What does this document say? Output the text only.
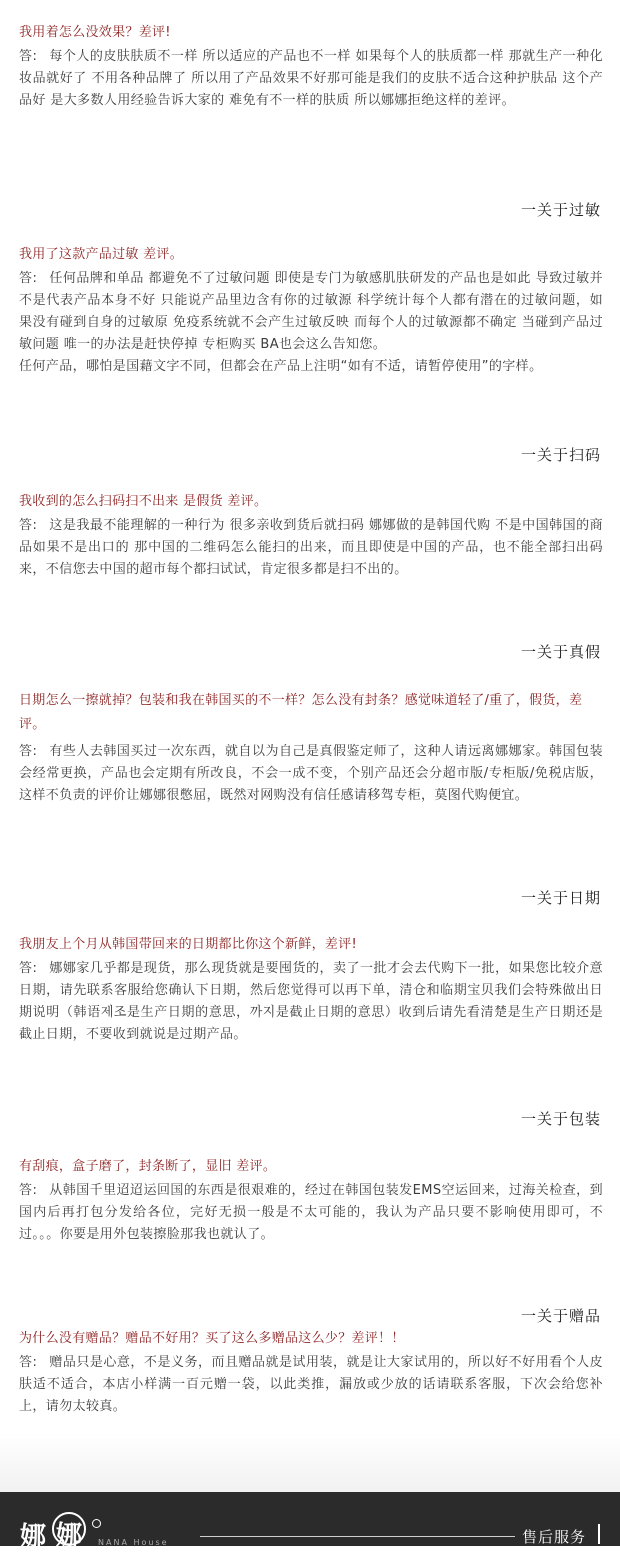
我用着怎么没效果？差评!

答: 每个人的皮肤肤质不一样 所以适应的产品也不一样 如果每个人的肤质都一样 那就生产一种化妆品就好了 不用各种品牌了 所以用了产品效果不好那可能是我们的皮肤不适合这种护肤品 这个产品好 是大多数人用经验告诉大家的 难免有不一样的肤质 所以娜娜拒绝这样的差评。

一关于过敏
我用了这款产品过敏 差评。

答: 任何品牌和单品 都避免不了过敏问题 即使是专门为敏感肌肤研发的产品也是如此 导致过敏并不是代表产品本身不好 只能说产品里边含有你的过敏源 科学统计每个人都有潜在的过敏问题，如果没有碰到自身的过敏原 免疫系统就不会产生过敏反映 而每个人的过敏源都不确定 当碰到产品过敏问题 唯一的办法是赶快停掉 专柜购买 BA也会这么告知您。

任何产品，哪怕是国藉文字不同，但都会在产品上注明“如有不适，请暂停使用”的字样。

一关于扫码
我收到的怎么扫码扫不出来 是假货 差评。

答: 这是我最不能理解的一种行为 很多亲收到货后就扫码 娜娜做的是韩国代购 不是中国韩国的商品如果不是出口的 那中国的二维码怎么能扫的出来，而且即使是中国的产品，也不能全部扫出码来，不信您去中国的超市每个都扫试试，肯定很多都是扫不出的。

一关于真假
日期怎么一擦就掉？包装和我在韩国买的不一样？怎么没有封条？感觉味道轻了/重了，假货，差评。

答: 有些人去韩国买过一次东西，就自以为自己是真假鉴定师了，这种人请远离娜娜家。韩国包装会经常更换，产品也会定期有所改良，不会一成不变，个别产品还会分超市版/专柜版/免税店版，这样不负责的评价让娜娜很憋屈，既然对网购没有信任感请移驾专柜，莫图代购便宜。

一关于日期
我朋友上个月从韩国带回来的日期都比你这个新鲜，差评!

答: 娜娜家几乎都是现货，那么现货就是要囤货的，卖了一批才会去代购下一批，如果您比较介意日期，请先联系客服给您确认下日期，然后您觉得可以再下单，清仓和临期宝贝我们会特殊做出日期说明（韩语제조是生产日期的意思，까지是截止日期的意思）收到后请先看清楚是生产日期还是截止日期，不要收到就说是过期产品。

一关于包装
有刮痕，盒子磨了，封条断了，显旧 差评。

答: 从韩国千里迢迢运回国的东西是很艰难的，经过在韩国包装发EMS空运回来，过海关检查，到国内后再打包分发给各位，完好无损一般是不太可能的，我认为产品只要不影响使用即可，不过。。。你要是用外包装擦脸那我也就认了。

一关于赠品
为什么没有赠品？赠品不好用？买了这么多赠品这么少？差评！！

答: 赠品只是心意，不是义务，而且赠品就是试用装，就是让大家试用的，所以好不好用看个人皮肤适不适合，本店小样满一百元赠一袋，以此类推，漏放或少放的话请联系客服，下次会给您补上，请勿太较真。

娜 娜 NANA House	售后服务
